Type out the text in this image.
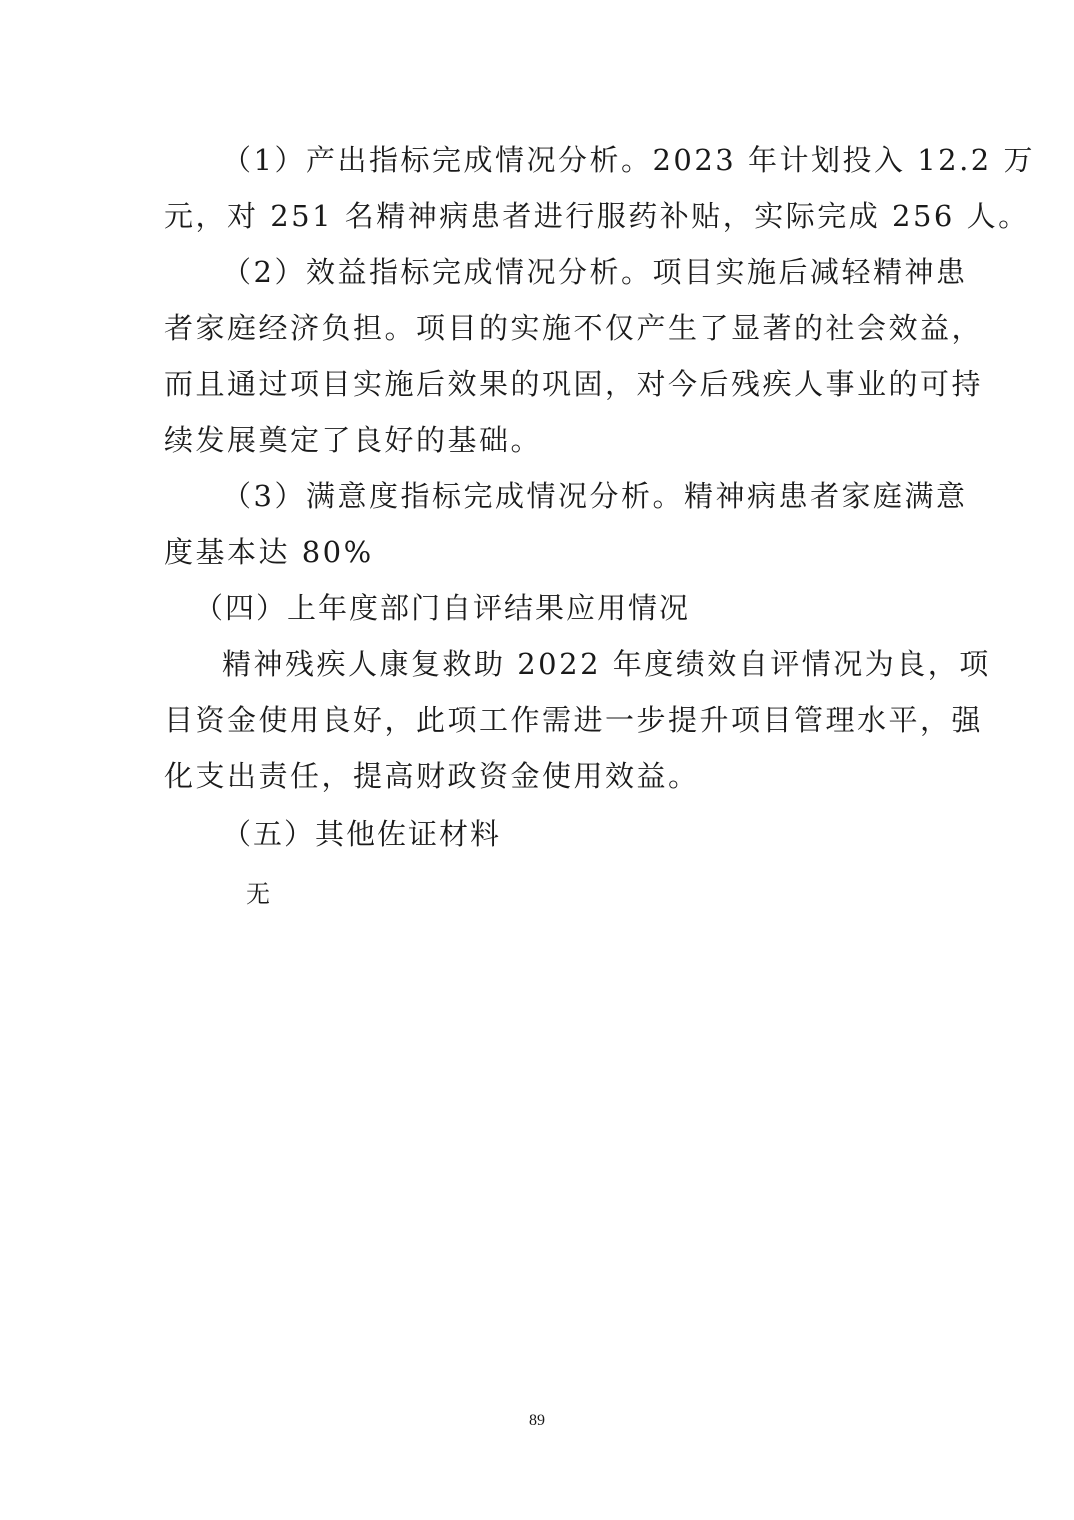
（1）产出指标完成情况分析。2023 年计划投入 12.2 万
元，对 251 名精神病患者进行服药补贴，实际完成 256 人。
（2）效益指标完成情况分析。项目实施后减轻精神患
者家庭经济负担。项目的实施不仅产生了显著的社会效益，
而且通过项目实施后效果的巩固，对今后残疾人事业的可持
续发展奠定了良好的基础。
（3）满意度指标完成情况分析。精神病患者家庭满意
度基本达 80%
（四）上年度部门自评结果应用情况
精神残疾人康复救助 2022 年度绩效自评情况为良，项
目资金使用良好，此项工作需进一步提升项目管理水平，强
化支出责任，提高财政资金使用效益。
（五）其他佐证材料
无
89
